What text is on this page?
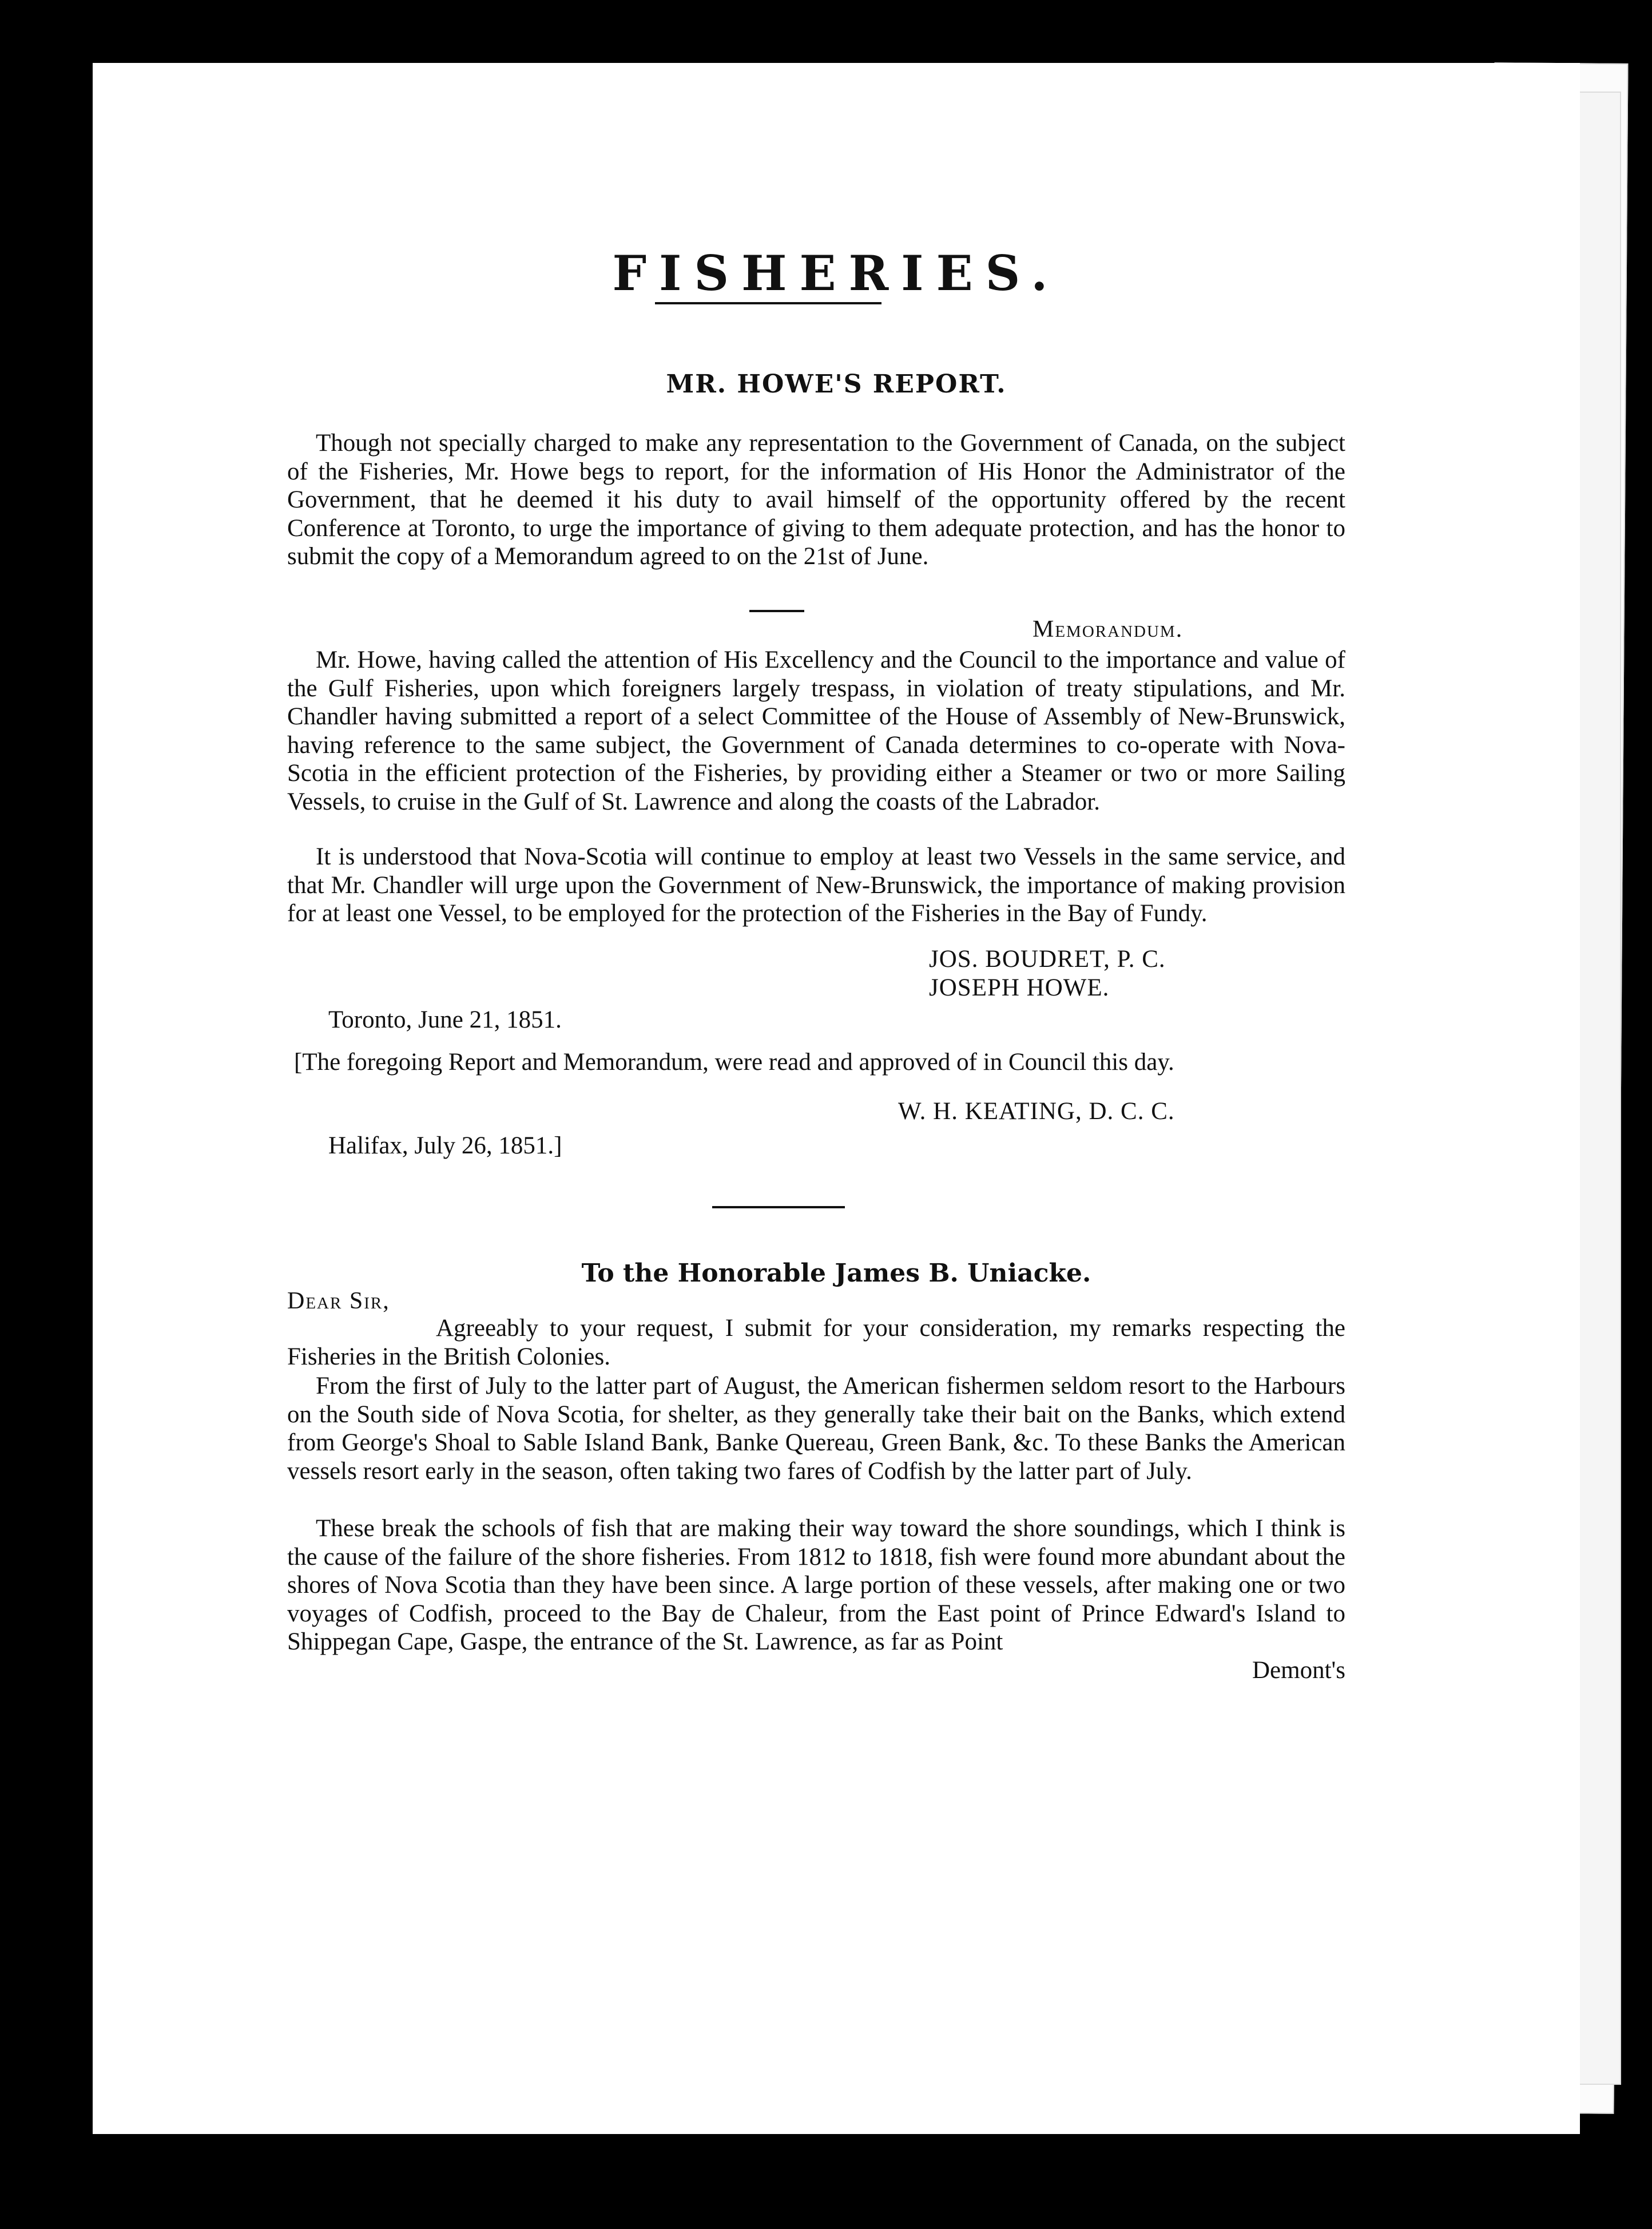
FISHERIES.
MR. HOWE'S REPORT.

Though not specially charged to make any representation to the Government of Canada, on the subject of the Fisheries, Mr. Howe begs to report, for the information of His Honor the Administrator of the Government, that he deemed it his duty to avail himself of the opportunity offered by the recent Conference at Toronto, to urge the importance of giving to them adequate protection, and has the honor to submit the copy of a Memorandum agreed to on the 21st of June.

Memorandum.

Mr. Howe, having called the attention of His Excellency and the Council to the importance and value of the Gulf Fisheries, upon which foreigners largely trespass, in violation of treaty stipulations, and Mr. Chandler having submitted a report of a select Committee of the House of Assembly of New-Brunswick, having reference to the same subject, the Government of Canada determines to co-operate with Nova-Scotia in the efficient protection of the Fisheries, by providing either a Steamer or two or more Sailing Vessels, to cruise in the Gulf of St. Lawrence and along the coasts of the Labrador.

It is understood that Nova-Scotia will continue to employ at least two Vessels in the same service, and that Mr. Chandler will urge upon the Government of New-Brunswick, the importance of making provision for at least one Vessel, to be employed for the protection of the Fisheries in the Bay of Fundy.

JOS. BOUDRET, P. C.
JOSEPH HOWE.
Toronto, June 21, 1851.

[The foregoing Report and Memorandum, were read and approved of in Council this day.

W. H. KEATING, D. C. C.
Halifax, July 26, 1851.]
To the Honorable James B. Uniacke.
Dear Sir,

Agreeably to your request, I submit for your consideration, my remarks respecting the Fisheries in the British Colonies.

From the first of July to the latter part of August, the American fishermen seldom resort to the Harbours on the South side of Nova Scotia, for shelter, as they generally take their bait on the Banks, which extend from George's Shoal to Sable Island Bank, Banke Quereau, Green Bank, &c. To these Banks the American vessels resort early in the season, often taking two fares of Codfish by the latter part of July.

These break the schools of fish that are making their way toward the shore soundings, which I think is the cause of the failure of the shore fisheries. From 1812 to 1818, fish were found more abundant about the shores of Nova Scotia than they have been since. A large portion of these vessels, after making one or two voyages of Codfish, proceed to the Bay de Chaleur, from the East point of Prince Edward's Island to Shippegan Cape, Gaspe, the entrance of the St. Lawrence, as far as Point

Demont's
